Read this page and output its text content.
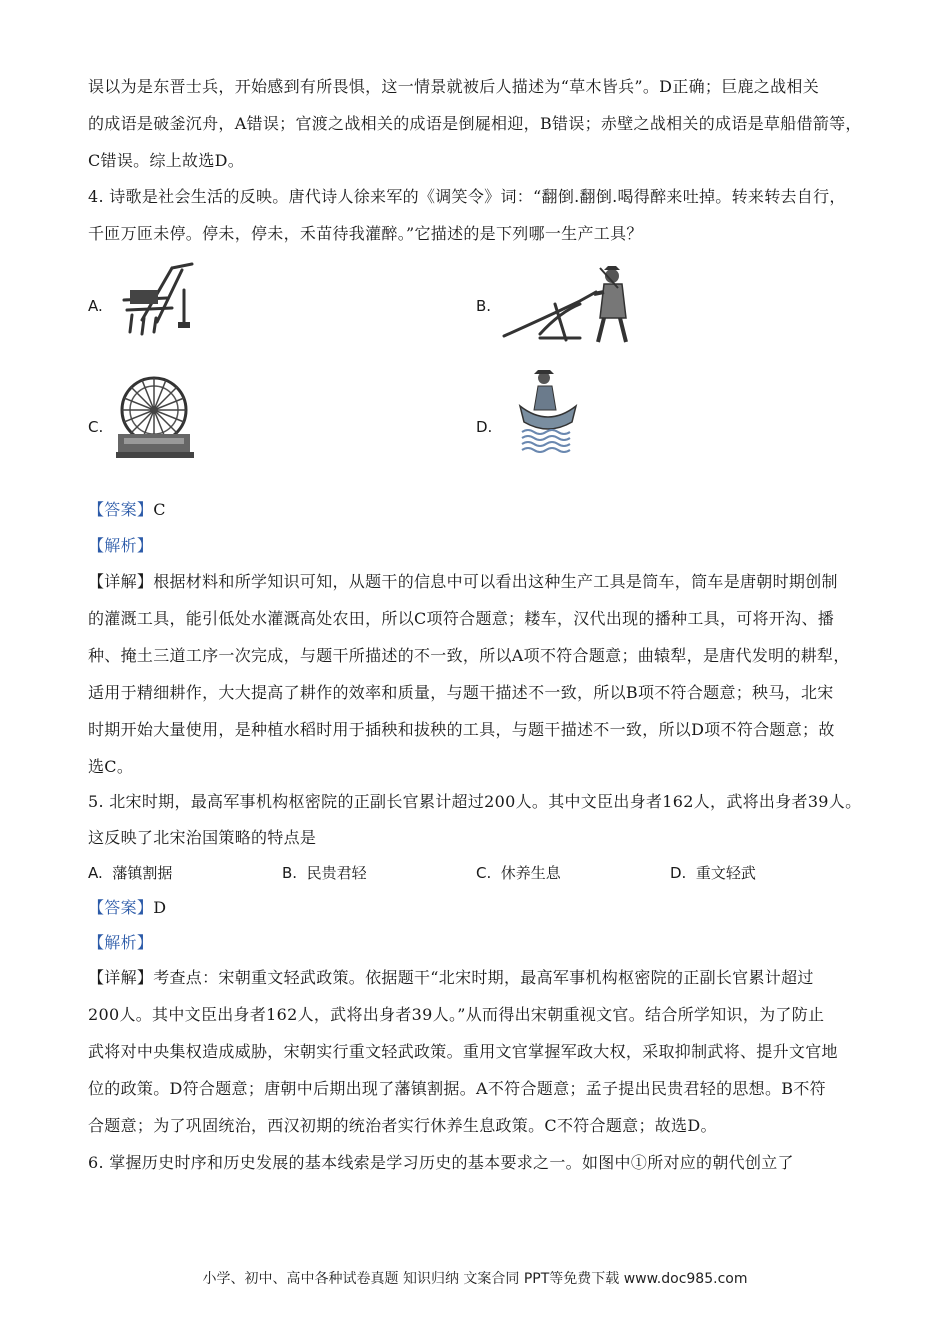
误以为是东晋士兵，开始感到有所畏惧，这一情景就被后人描述为“草木皆兵”。D正确；巨鹿之战相关
的成语是破釜沉舟，A错误；官渡之战相关的成语是倒屣相迎，B错误；赤壁之战相关的成语是草船借箭等，
C错误。综上故选D。
4. 诗歌是社会生活的反映。唐代诗人徐来军的《调笑令》词：“翻倒.翻倒.喝得醉来吐掉。转来转去自行，
千匝万匝未停。停未，停未，禾苗待我灌醉。”它描述的是下列哪一生产工具？
A.	B.
C.	D.
【答案】C
【解析】
【详解】根据材料和所学知识可知，从题干的信息中可以看出这种生产工具是筒车，筒车是唐朝时期创制
的灌溉工具，能引低处水灌溉高处农田，所以C项符合题意；耧车，汉代出现的播种工具，可将开沟、播
种、掩土三道工序一次完成，与题干所描述的不一致，所以A项不符合题意；曲辕犁，是唐代发明的耕犁，
适用于精细耕作，大大提高了耕作的效率和质量，与题干描述不一致，所以B项不符合题意；秧马，北宋
时期开始大量使用，是种植水稻时用于插秧和拔秧的工具，与题干描述不一致，所以D项不符合题意；故
选C。
5. 北宋时期，最高军事机构枢密院的正副长官累计超过200人。其中文臣出身者162人，武将出身者39人。
这反映了北宋治国策略的特点是
A. 藩镇割据	B. 民贵君轻	C. 休养生息	D. 重文轻武
【答案】D
【解析】
【详解】考查点：宋朝重文轻武政策。依据题干“北宋时期，最高军事机构枢密院的正副长官累计超过
200人。其中文臣出身者162人，武将出身者39人。”从而得出宋朝重视文官。结合所学知识，为了防止
武将对中央集权造成威胁，宋朝实行重文轻武政策。重用文官掌握军政大权，采取抑制武将、提升文官地
位的政策。D符合题意；唐朝中后期出现了藩镇割据。A不符合题意；孟子提出民贵君轻的思想。B不符
合题意；为了巩固统治，西汉初期的统治者实行休养生息政策。C不符合题意；故选D。
6. 掌握历史时序和历史发展的基本线索是学习历史的基本要求之一。如图中①所对应的朝代创立了
小学、初中、高中各种试卷真题 知识归纳 文案合同 PPT等免费下载 www.doc985.com
